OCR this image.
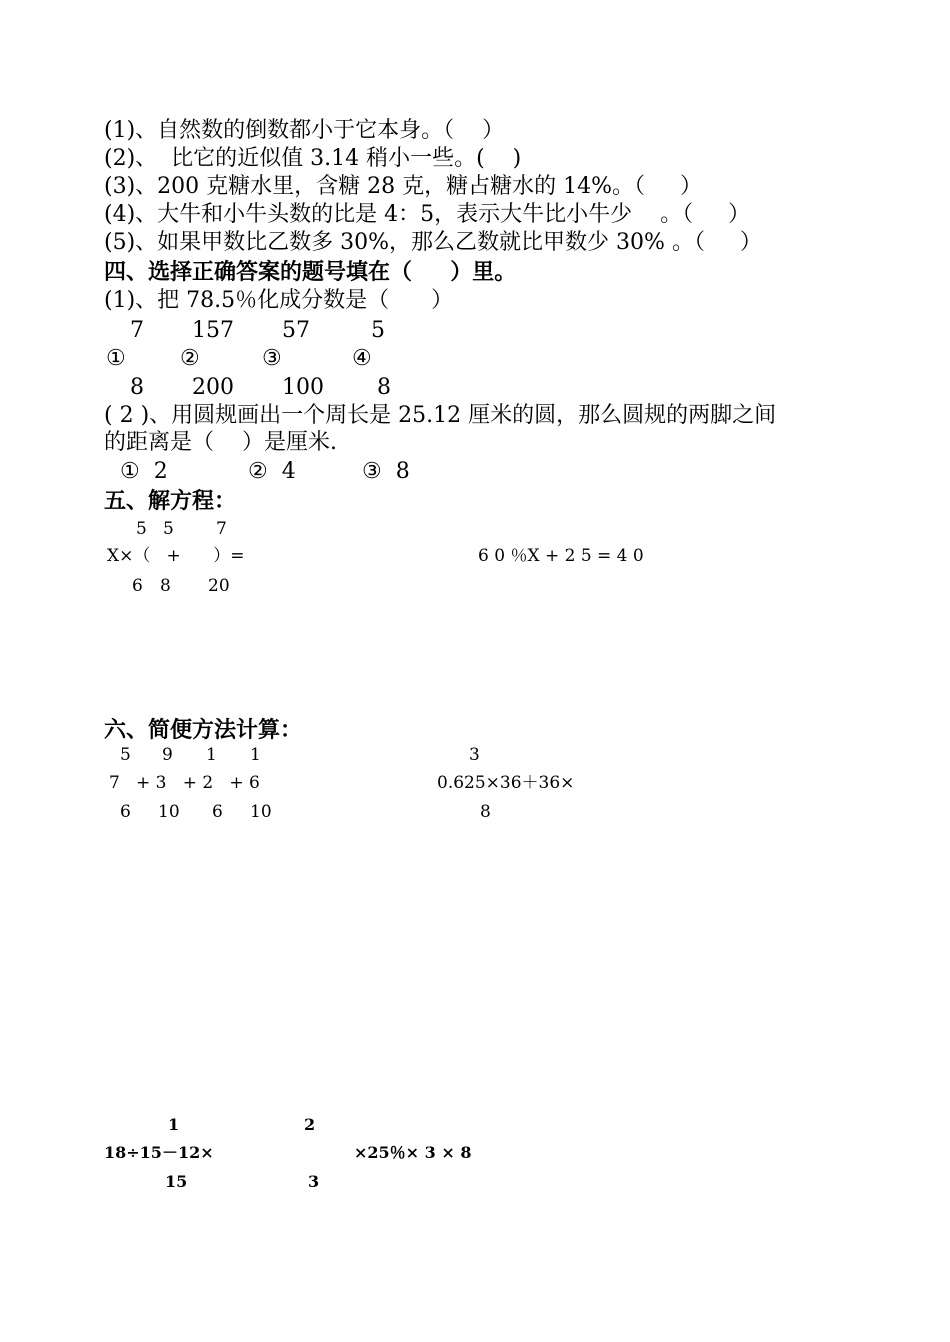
(1)、自然数的倒数都小于它本身。（    ）
(2)、  比它的近似值 3.14 稍小一些。(    )
(3)、200 克糖水里，含糖 28 克，糖占糖水的 14%。（     ）
(4)、大牛和小牛头数的比是 4：5，表示大牛比小牛少    。（     ）
(5)、如果甲数比乙数多 30%，那么乙数就比甲数少 30% 。（     ）
四、选择正确答案的题号填在（     ）里。
(1)、把 78.5％化成分数是（      ）
7 157 57	5
① ②	③	④
8 200 100 8
( 2 )、用圆规画出一个周长是 25.12 厘米的圆，那么圆规的两脚之间
的距离是（    ）是厘米.
①  2	②  4	③  8
五、解方程：
5 5 7
X×（   +      ）=
6 8 20
6 0 ％X + 2 5 = 4 0
六、简便方法计算：
5 9 1 1
7   + 3   + 2   + 6
6 10 6 10
3
0.625×36＋36×
8
1
18÷15－12×
15
2
×25％× 3 × 8
3
